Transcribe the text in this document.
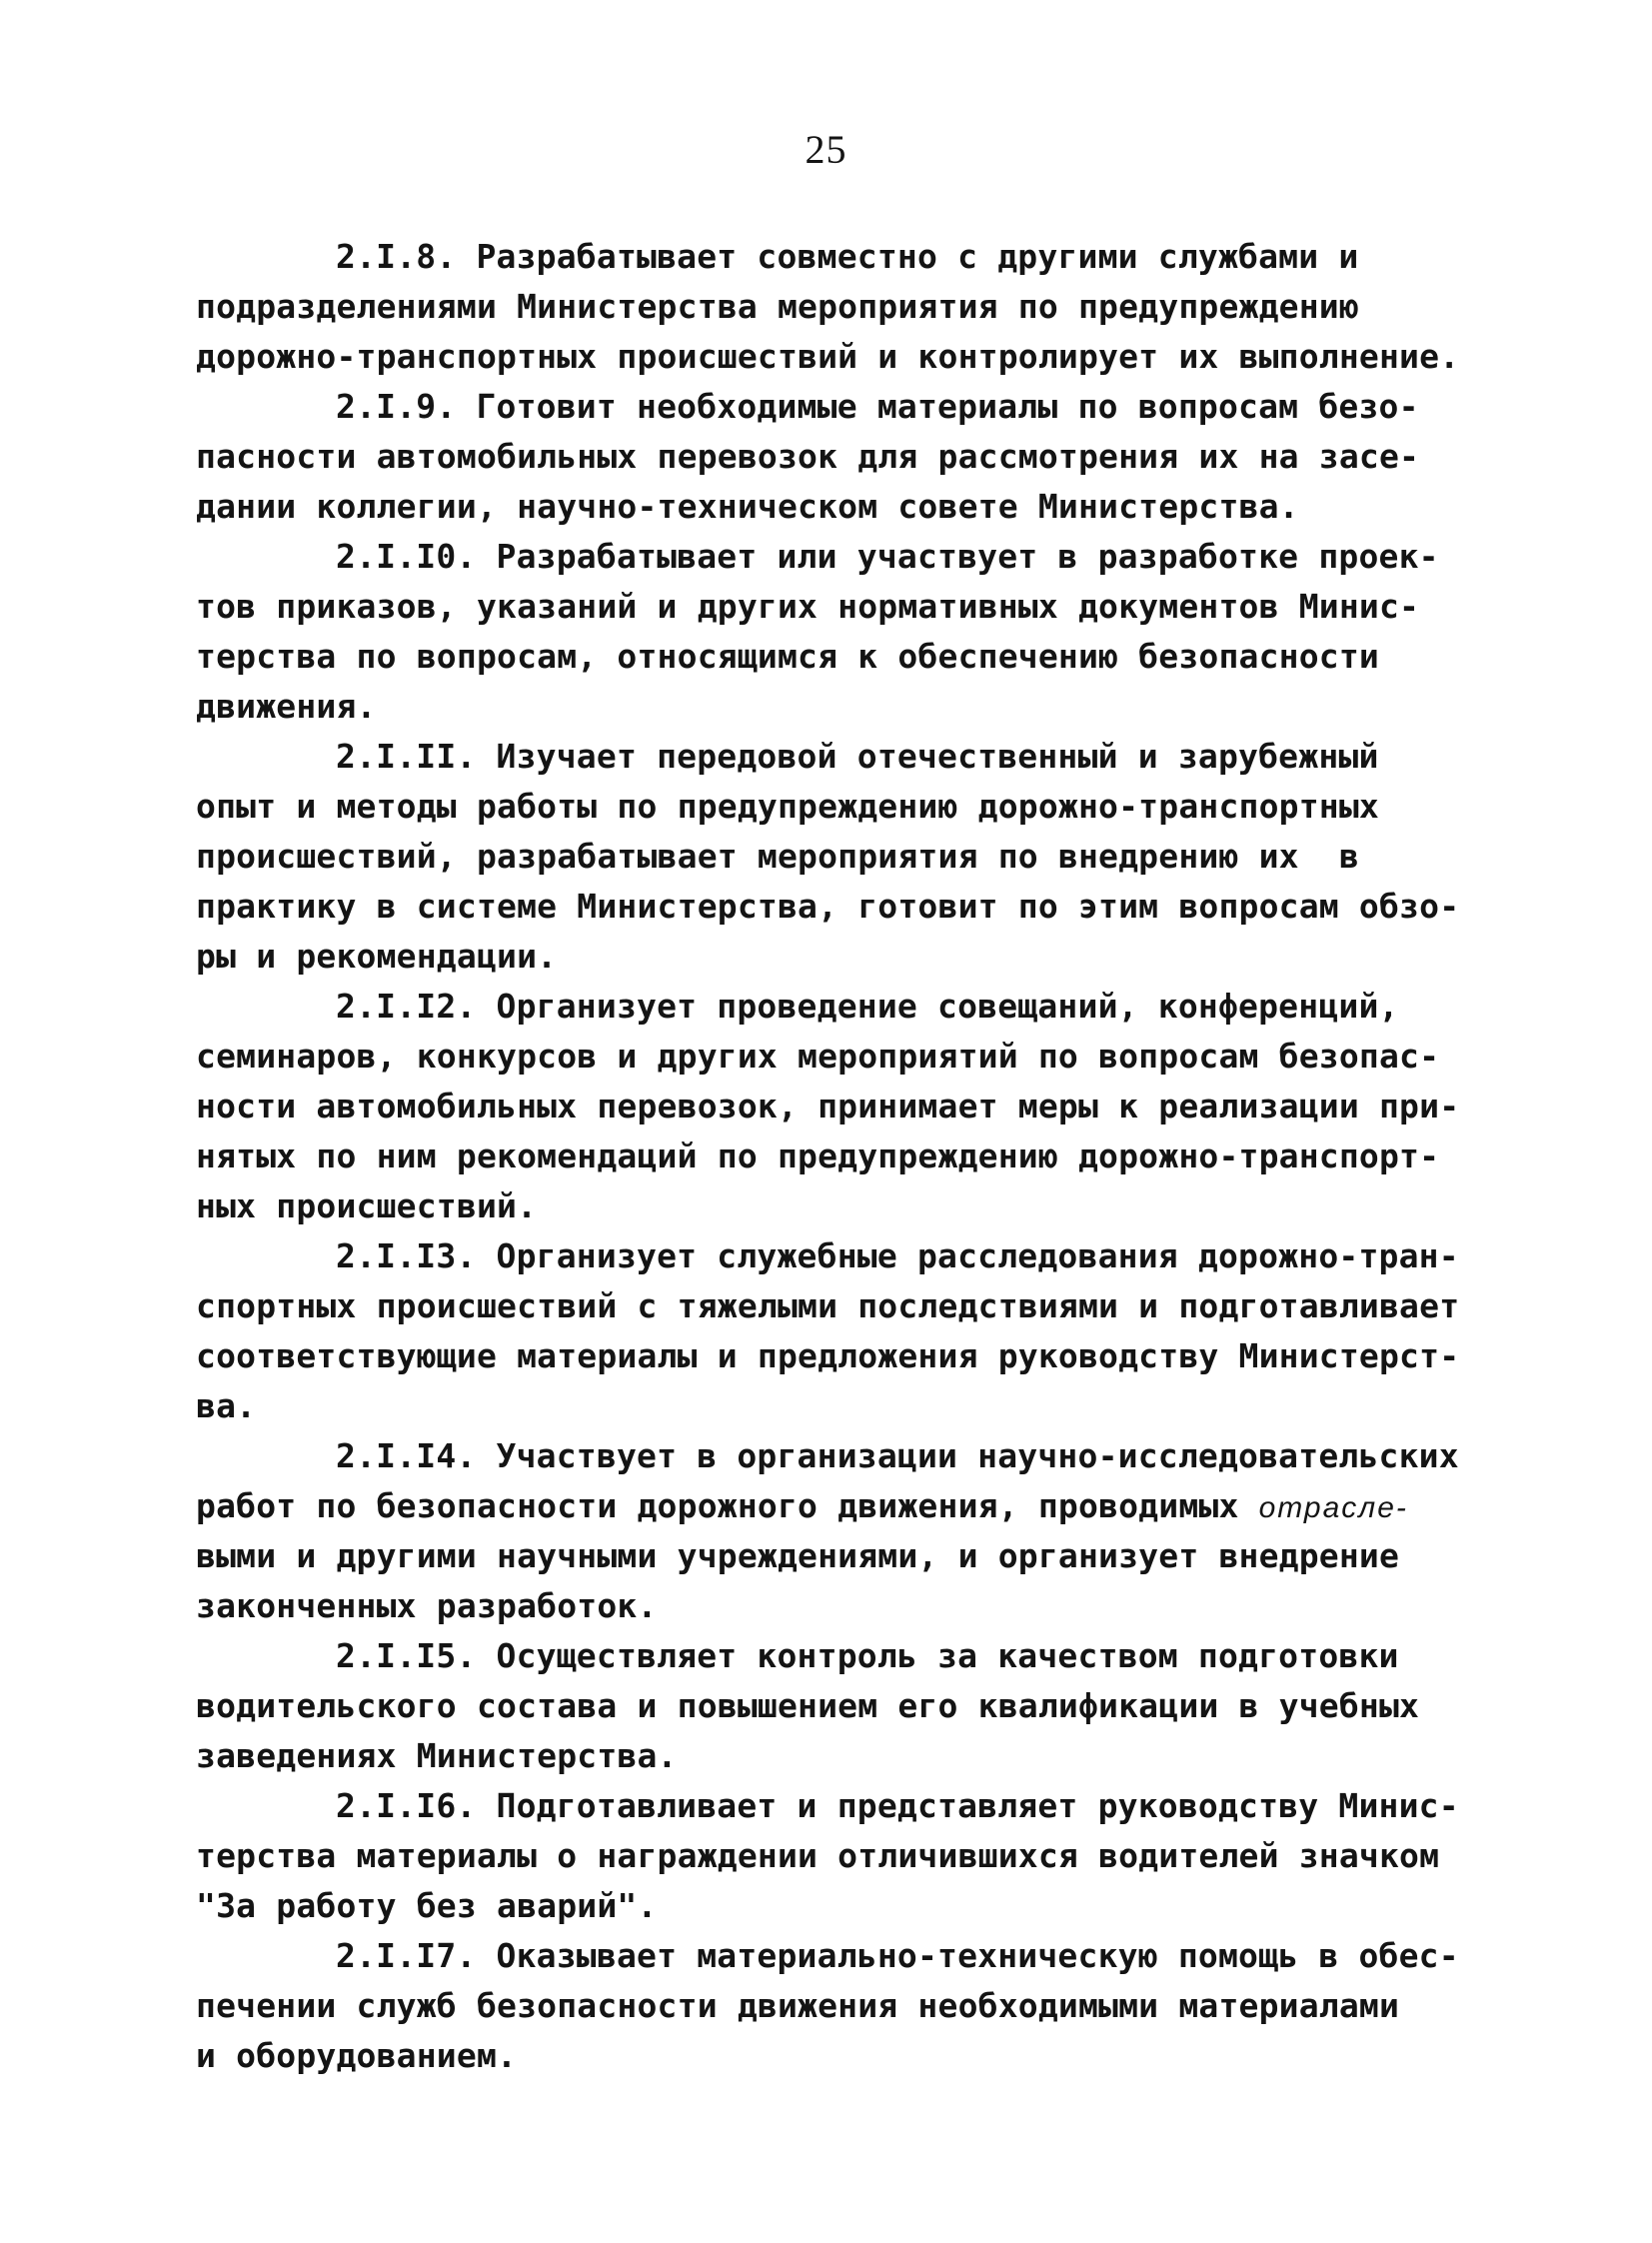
25
2.I.8. Разрабатывает совместно с другими службами и
подразделениями Министерства мероприятия по предупреждению
дорожно-транспортных происшествий и контролирует их выполнение.
2.I.9. Готовит необходимые материалы по вопросам безо-
пасности автомобильных перевозок для рассмотрения их на засе-
дании коллегии, научно-техническом совете Министерства.
2.I.I0. Разрабатывает или участвует в разработке проек-
тов приказов, указаний и других нормативных документов Минис-
терства по вопросам, относящимся к обеспечению безопасности
движения.
2.I.II. Изучает передовой отечественный и зарубежный
опыт и методы работы по предупреждению дорожно-транспортных
происшествий, разрабатывает мероприятия по внедрению их  в
практику в системе Министерства, готовит по этим вопросам обзо-
ры и рекомендации.
2.I.I2. Организует проведение совещаний, конференций,
семинаров, конкурсов и других мероприятий по вопросам безопас-
ности автомобильных перевозок, принимает меры к реализации при-
нятых по ним рекомендаций по предупреждению дорожно-транспорт-
ных происшествий.
2.I.I3. Организует служебные расследования дорожно-тран-
спортных происшествий с тяжелыми последствиями и подготавливает
соответствующие материалы и предложения руководству Министерст-
ва.
2.I.I4. Участвует в организации научно-исследовательских
работ по безопасности дорожного движения, проводимых отрасле-
выми и другими научными учреждениями, и организует внедрение
законченных разработок.
2.I.I5. Осуществляет контроль за качеством подготовки
водительского состава и повышением его квалификации в учебных
заведениях Министерства.
2.I.I6. Подготавливает и представляет руководству Минис-
терства материалы о награждении отличившихся водителей значком
"За работу без аварий".
2.I.I7. Оказывает материально-техническую помощь в обес-
печении служб безопасности движения необходимыми материалами
и оборудованием.
